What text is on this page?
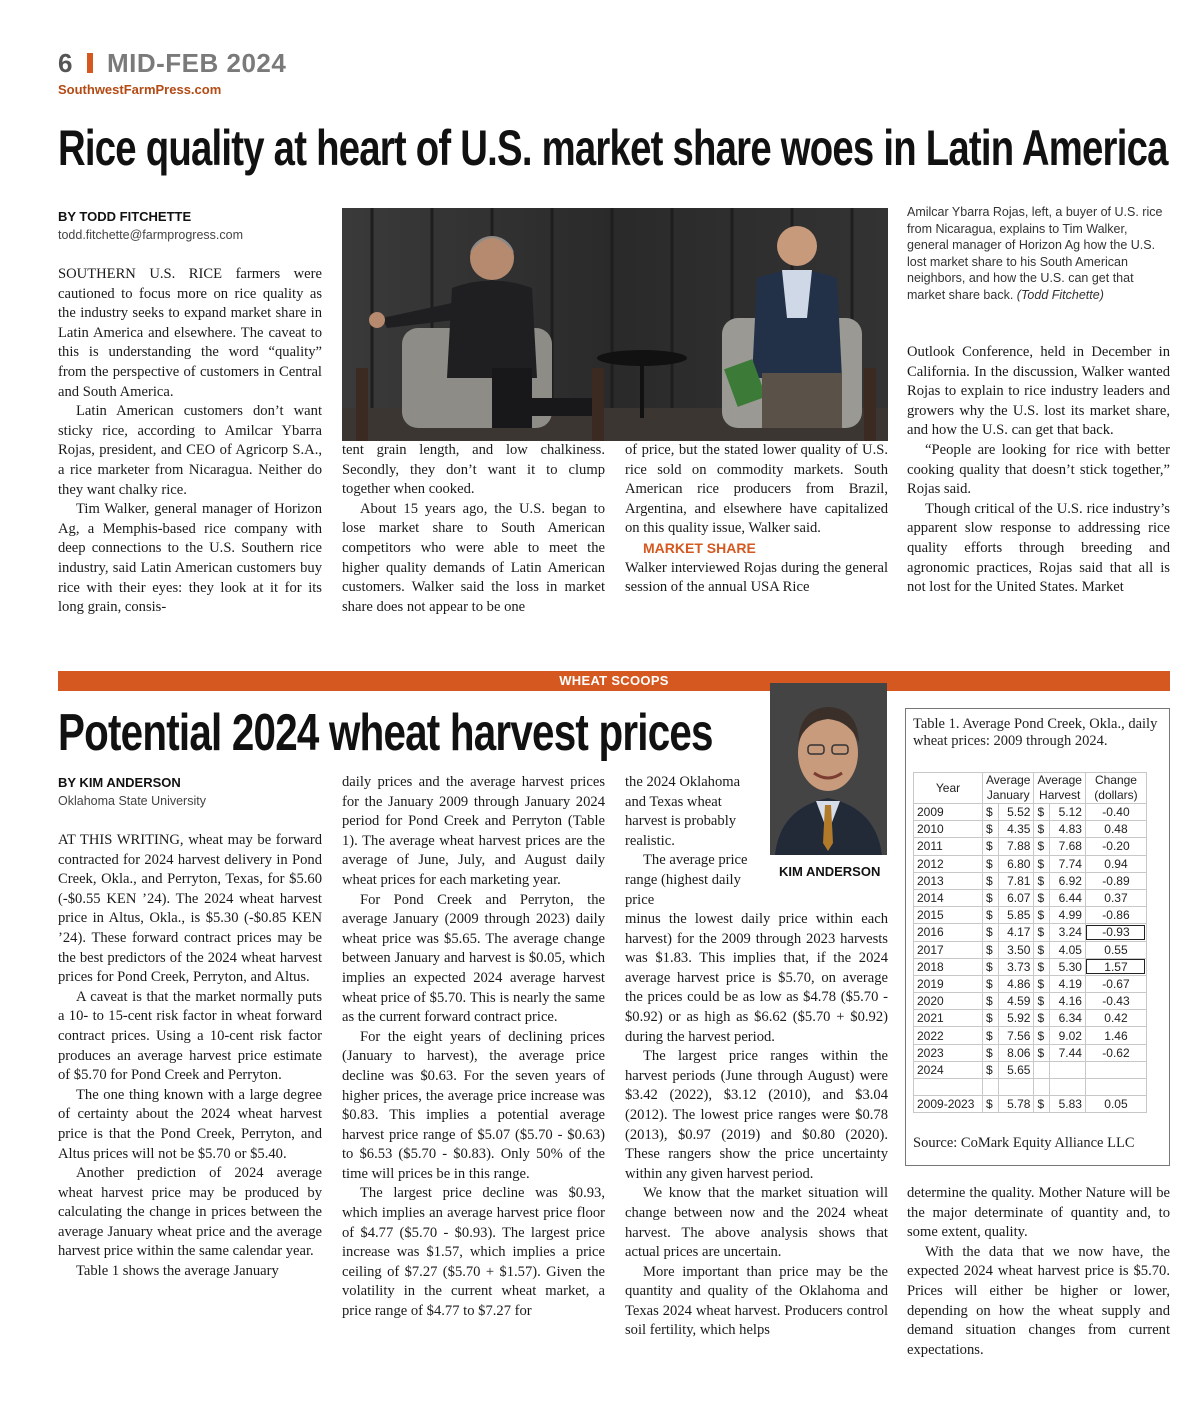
6 MID-FEB 2024
SouthwestFarmPress.com
Rice quality at heart of U.S. market share woes in Latin America
BY TODD FITCHETTE
todd.fitchette@farmprogress.com

SOUTHERN U.S. RICE farmers were cautioned to focus more on rice quality as the industry seeks to expand market share in Latin America and elsewhere. The caveat to this is understanding the word “quality” from the perspective of customers in Central and South America.

Latin American customers don’t want sticky rice, according to Amilcar Ybarra Rojas, president, and CEO of Agricorp S.A., a rice marketer from Nicaragua. Neither do they want chalky rice.

Tim Walker, general manager of Horizon Ag, a Memphis-based rice company with deep connections to the U.S. Southern rice industry, said Latin American customers buy rice with their eyes: they look at it for its long grain, consis-

Amilcar Ybarra Rojas, left, a buyer of U.S. rice from Nicaragua, explains to Tim Walker, general manager of Horizon Ag how the U.S. lost market share to his South American neighbors, and how the U.S. can get that market share back. (Todd Fitchette)

tent grain length, and low chalkiness. Secondly, they don’t want it to clump together when cooked.

About 15 years ago, the U.S. began to lose market share to South American competitors who were able to meet the higher quality demands of Latin American customers. Walker said the loss in market share does not appear to be one

of price, but the stated lower quality of U.S. rice sold on commodity markets. South American rice producers from Brazil, Argentina, and elsewhere have capitalized on this quality issue, Walker said.

MARKET SHARE

Walker interviewed Rojas during the general session of the annual USA Rice

Outlook Conference, held in December in California. In the discussion, Walker wanted Rojas to explain to rice industry leaders and growers why the U.S. lost its market share, and how the U.S. can get that back.

“People are looking for rice with better cooking quality that doesn’t stick together,” Rojas said.

Though critical of the U.S. rice industry’s apparent slow response to addressing rice quality efforts through breeding and agronomic practices, Rojas said that all is not lost for the United States. Market

WHEAT SCOOPS
Potential 2024 wheat harvest prices
BY KIM ANDERSON
Oklahoma State University

AT THIS WRITING, wheat may be forward contracted for 2024 harvest delivery in Pond Creek, Okla., and Perryton, Texas, for $5.60 (-$0.55 KEN ’24). The 2024 wheat harvest price in Altus, Okla., is $5.30 (-$0.85 KEN ’24). These forward contract prices may be the best predictors of the 2024 wheat harvest prices for Pond Creek, Perryton, and Altus.

A caveat is that the market normally puts a 10- to 15-cent risk factor in wheat forward contract prices. Using a 10-cent risk factor produces an average harvest price estimate of $5.70 for Pond Creek and Perryton.

The one thing known with a large degree of certainty about the 2024 wheat harvest price is that the Pond Creek, Perryton, and Altus prices will not be $5.70 or $5.40.

Another prediction of 2024 average wheat harvest price may be produced by calculating the change in prices between the average January wheat price and the average harvest price within the same calendar year.

Table 1 shows the average January

daily prices and the average harvest prices for the January 2009 through January 2024 period for Pond Creek and Perryton (Table 1). The average wheat harvest prices are the average of June, July, and August daily wheat prices for each marketing year.

For Pond Creek and Perryton, the average January (2009 through 2023) daily wheat price was $5.65. The average change between January and harvest is $0.05, which implies an expected 2024 average harvest wheat price of $5.70. This is nearly the same as the current forward contract price.

For the eight years of declining prices (January to harvest), the average price decline was $0.63. For the seven years of higher prices, the average price increase was $0.83. This implies a potential average harvest price range of $5.07 ($5.70 - $0.63) to $6.53 ($5.70 - $0.83). Only 50% of the time will prices be in this range.

The largest price decline was $0.93, which implies an average harvest price floor of $4.77 ($5.70 - $0.93). The largest price increase was $1.57, which implies a price ceiling of $7.27 ($5.70 + $1.57). Given the volatility in the current wheat market, a price range of $4.77 to $7.27 for

the 2024 Oklahoma and Texas wheat harvest is probably realistic.

The average price range (highest daily price

KIM ANDERSON

minus the lowest daily price within each harvest) for the 2009 through 2023 harvests was $1.83. This implies that, if the 2024 average harvest price is $5.70, on average the prices could be as low as $4.78 ($5.70 - $0.92) or as high as $6.62 ($5.70 + $0.92) during the harvest period.

The largest price ranges within the harvest periods (June through August) were $3.42 (2022), $3.12 (2010), and $3.04 (2012). The lowest price ranges were $0.78 (2013), $0.97 (2019) and $0.80 (2020). These rangers show the price uncertainty within any given harvest period.

We know that the market situation will change between now and the 2024 wheat harvest. The above analysis shows that actual prices are uncertain.

More important than price may be the quantity and quality of the Oklahoma and Texas 2024 wheat harvest. Producers control soil fertility, which helps

Table 1. Average Pond Creek, Okla., daily wheat prices: 2009 through 2024.
Year	Average
January		Average
Harvest		Change
(dollars)
2009	$	5.52	$	5.12	-0.40
2010	$	4.35	$	4.83	0.48
2011	$	7.88	$	7.68	-0.20
2012	$	6.80	$	7.74	0.94
2013	$	7.81	$	6.92	-0.89
2014	$	6.07	$	6.44	0.37
2015	$	5.85	$	4.99	-0.86
2016	$	4.17	$	3.24	-0.93
2017	$	3.50	$	4.05	0.55
2018	$	3.73	$	5.30	1.57
2019	$	4.86	$	4.19	-0.67
2020	$	4.59	$	4.16	-0.43
2021	$	5.92	$	6.34	0.42
2022	$	7.56	$	9.02	1.46
2023	$	8.06	$	7.44	-0.62
2024	$	5.65			

2009-2023	$	5.78	$	5.83	0.05
Source: CoMark Equity Alliance LLC

determine the quality. Mother Nature will be the major determinate of quantity and, to some extent, quality.

With the data that we now have, the expected 2024 wheat harvest price is $5.70. Prices will either be higher or lower, depending on how the wheat supply and demand situation changes from current expectations.
